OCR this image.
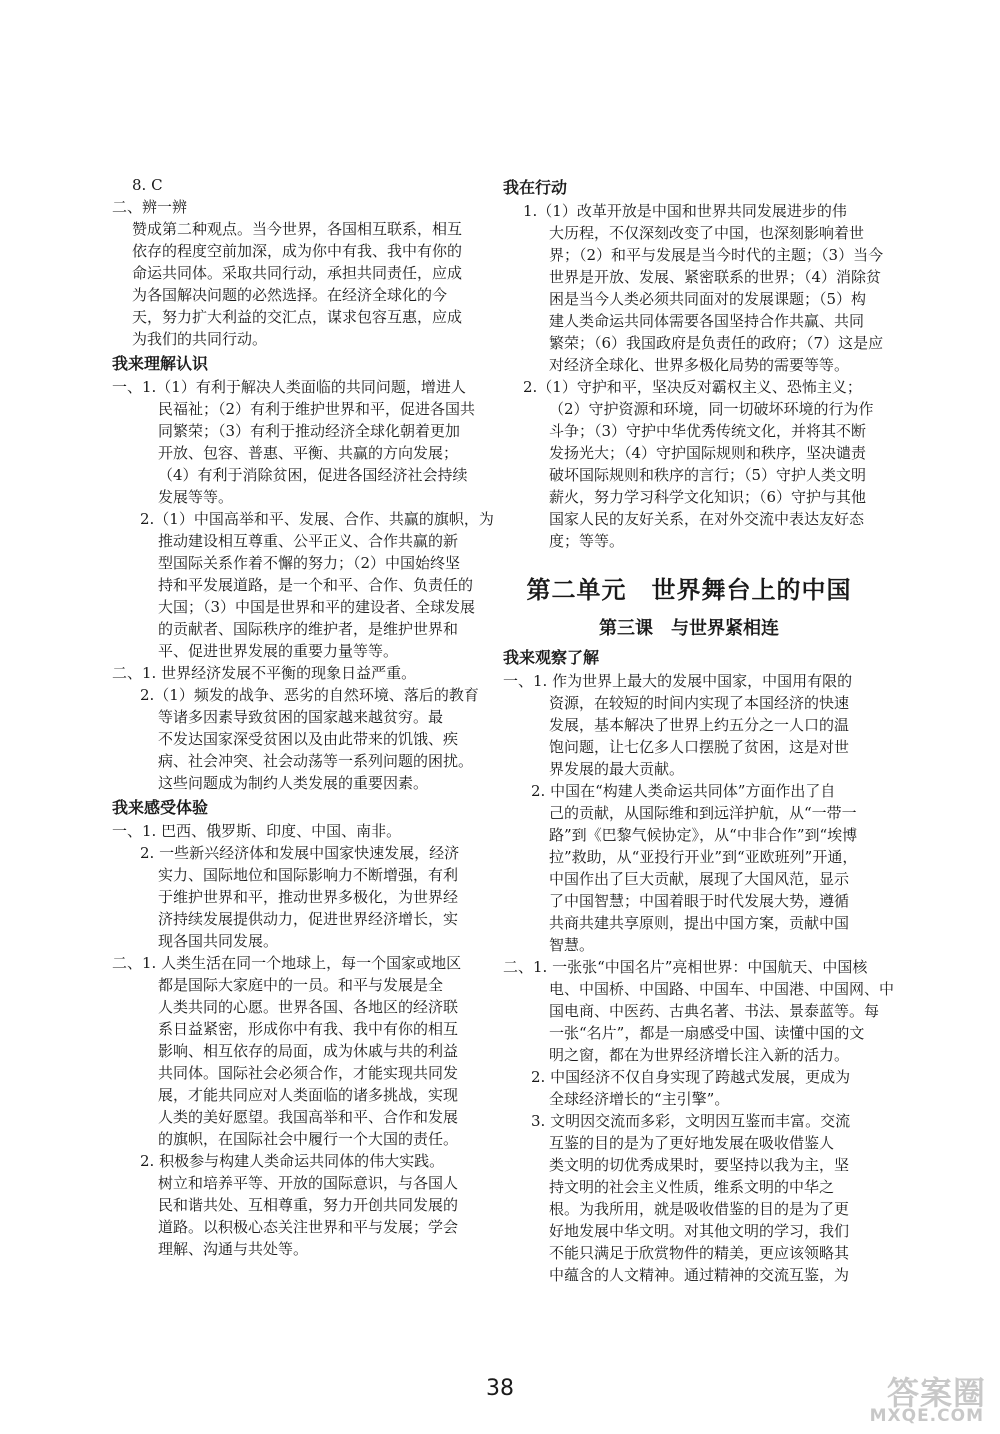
8. C
二、辨一辨
赞成第二种观点。当今世界，各国相互联系，相互
依存的程度空前加深，成为你中有我、我中有你的
命运共同体。采取共同行动，承担共同责任，应成
为各国解决问题的必然选择。在经济全球化的今
天，努力扩大利益的交汇点，谋求包容互惠，应成
为我们的共同行动。
我来理解认识
一、1.（1）有利于解决人类面临的共同问题，增进人
民福祉；（2）有利于维护世界和平，促进各国共
同繁荣；（3）有利于推动经济全球化朝着更加
开放、包容、普惠、平衡、共赢的方向发展；
（4）有利于消除贫困，促进各国经济社会持续
发展等等。
2.（1）中国高举和平、发展、合作、共赢的旗帜，为
推动建设相互尊重、公平正义、合作共赢的新
型国际关系作着不懈的努力；（2）中国始终坚
持和平发展道路，是一个和平、合作、负责任的
大国；（3）中国是世界和平的建设者、全球发展
的贡献者、国际秩序的维护者，是维护世界和
平、促进世界发展的重要力量等等。
二、1. 世界经济发展不平衡的现象日益严重。
2.（1）频发的战争、恶劣的自然环境、落后的教育
等诸多因素导致贫困的国家越来越贫穷。最
不发达国家深受贫困以及由此带来的饥饿、疾
病、社会冲突、社会动荡等一系列问题的困扰。
这些问题成为制约人类发展的重要因素。
我来感受体验
一、1. 巴西、俄罗斯、印度、中国、南非。
2. 一些新兴经济体和发展中国家快速发展，经济
实力、国际地位和国际影响力不断增强，有利
于维护世界和平，推动世界多极化，为世界经
济持续发展提供动力，促进世界经济增长，实
现各国共同发展。
二、1. 人类生活在同一个地球上，每一个国家或地区
都是国际大家庭中的一员。和平与发展是全
人类共同的心愿。世界各国、各地区的经济联
系日益紧密，形成你中有我、我中有你的相互
影响、相互依存的局面，成为休戚与共的利益
共同体。国际社会必须合作，才能实现共同发
展，才能共同应对人类面临的诸多挑战，实现
人类的美好愿望。我国高举和平、合作和发展
的旗帜，在国际社会中履行一个大国的责任。
2. 积极参与构建人类命运共同体的伟大实践。
树立和培养平等、开放的国际意识，与各国人
民和谐共处、互相尊重，努力开创共同发展的
道路。以积极心态关注世界和平与发展；学会
理解、沟通与共处等。
我在行动
1.（1）改革开放是中国和世界共同发展进步的伟
大历程，不仅深刻改变了中国，也深刻影响着世
界；（2）和平与发展是当今时代的主题；（3）当今
世界是开放、发展、紧密联系的世界；（4）消除贫
困是当今人类必须共同面对的发展课题；（5）构
建人类命运共同体需要各国坚持合作共赢、共同
繁荣；（6）我国政府是负责任的政府；（7）这是应
对经济全球化、世界多极化局势的需要等等。
2.（1）守护和平，坚决反对霸权主义、恐怖主义；
（2）守护资源和环境，同一切破坏环境的行为作
斗争；（3）守护中华优秀传统文化，并将其不断
发扬光大；（4）守护国际规则和秩序，坚决谴责
破坏国际规则和秩序的言行；（5）守护人类文明
薪火，努力学习科学文化知识；（6）守护与其他
国家人民的友好关系，在对外交流中表达友好态
度；等等。
第二单元　世界舞台上的中国
第三课　与世界紧相连
我来观察了解
一、1. 作为世界上最大的发展中国家，中国用有限的
资源，在较短的时间内实现了本国经济的快速
发展，基本解决了世界上约五分之一人口的温
饱问题，让七亿多人口摆脱了贫困，这是对世
界发展的最大贡献。
2. 中国在“构建人类命运共同体”方面作出了自
己的贡献，从国际维和到远洋护航，从“一带一
路”到《巴黎气候协定》，从“中非合作”到“埃博
拉”救助，从“亚投行开业”到“亚欧班列”开通，
中国作出了巨大贡献，展现了大国风范，显示
了中国智慧；中国着眼于时代发展大势，遵循
共商共建共享原则，提出中国方案，贡献中国
智慧。
二、1. 一张张“中国名片”亮相世界：中国航天、中国核
电、中国桥、中国路、中国车、中国港、中国网、中
国电商、中医药、古典名著、书法、景泰蓝等。每
一张“名片”，都是一扇感受中国、读懂中国的文
明之窗，都在为世界经济增长注入新的活力。
2. 中国经济不仅自身实现了跨越式发展，更成为
全球经济增长的“主引擎”。
3. 文明因交流而多彩，文明因互鉴而丰富。交流
互鉴的目的是为了更好地发展在吸收借鉴人
类文明的切优秀成果时，要坚持以我为主，坚
持文明的社会主义性质，维系文明的中华之
根。为我所用，就是吸收借鉴的目的是为了更
好地发展中华文明。对其他文明的学习，我们
不能只满足于欣赏物件的精美，更应该领略其
中蕴含的人文精神。通过精神的交流互鉴，为
38	答案圈
MXQE.COM
